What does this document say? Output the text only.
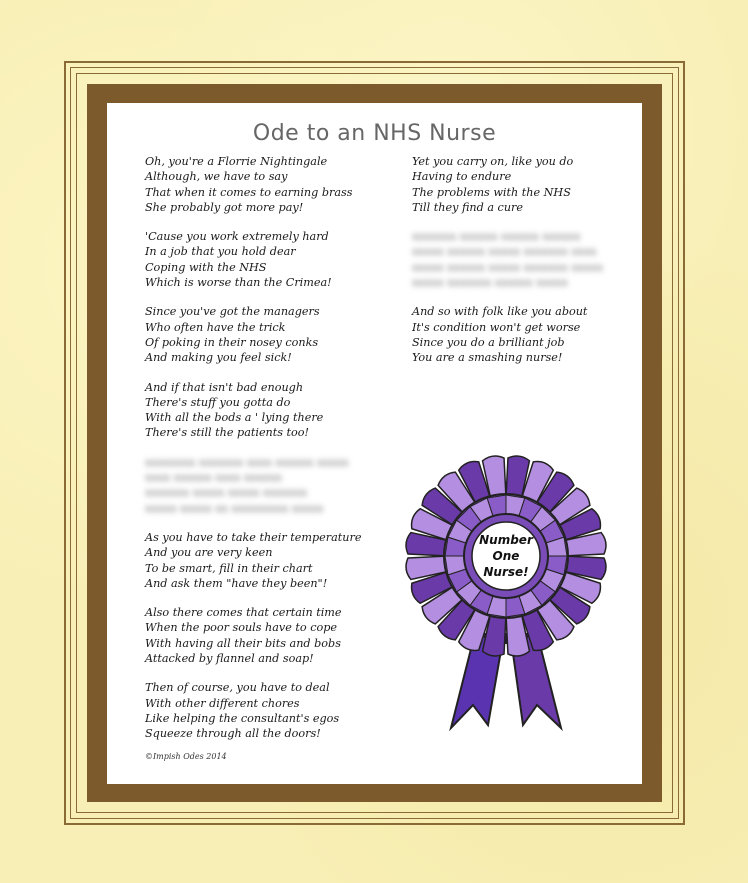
Ode to an NHS Nurse
Oh, you're a Florrie Nightingale
Although, we have to say
That when it comes to earning brass
She probably got more pay!
'Cause you work extremely hard
In a job that you hold dear
Coping with the NHS
Which is worse than the Crimea!
Since you've got the managers
Who often have the trick
Of poking in their nosey conks
And making you feel sick!
And if that isn't bad enough
There's stuff you gotta do
With all the bods a ' lying there
There's still the patients too!
xxxxxxxx xxxxxxx xxxx xxxxxx xxxxx
xxxx xxxxxx xxxx xxxxxx
xxxxxxx xxxxx xxxxx xxxxxxx
xxxxx xxxxx xx xxxxxxxxx xxxxx
As you have to take their temperature
And you are very keen
To be smart, fill in their chart
And ask them "have they been"!
Also there comes that certain time
When the poor souls have to cope
With having all their bits and bobs
Attacked by flannel and soap!
Then of course, you have to deal
With other different chores
Like helping the consultant's egos
Squeeze through all the doors!
Yet you carry on, like you do
Having to endure
The problems with the NHS
Till they find a cure
xxxxxxx xxxxxx xxxxxx xxxxxx
xxxxx xxxxxx xxxxx xxxxxxx xxxx
xxxxx xxxxxx xxxxx xxxxxxx xxxxx
xxxxx xxxxxxx xxxxxx xxxxx
And so with folk like you about
It's condition won't get worse
Since you do a brilliant job
You are a smashing nurse!
Number
One
Nurse!
©Impish Odes 2014
